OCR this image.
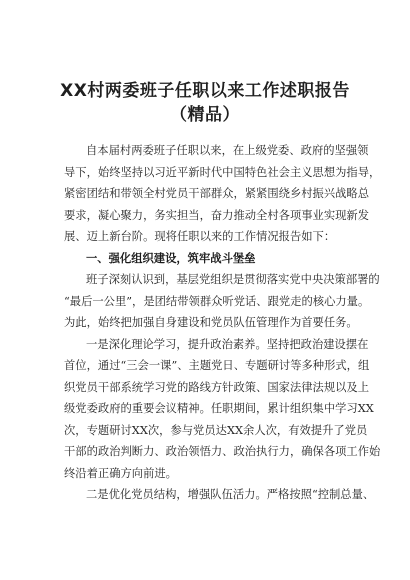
XX村两委班子任职以来工作述职报告
（精品）
自本届村两委班子任职以来，在上级党委、政府的坚强领
导下，始终坚持以习近平新时代中国特色社会主义思想为指导，
紧密团结和带领全村党员干部群众，紧紧围绕乡村振兴战略总
要求，凝心聚力，务实担当，奋力推动全村各项事业实现新发
展、迈上新台阶。现将任职以来的工作情况报告如下：
一、强化组织建设，筑牢战斗堡垒
班子深刻认识到，基层党组织是贯彻落实党中央决策部署的
“最后一公里”，是团结带领群众听党话、跟党走的核心力量。
为此，始终把加强自身建设和党员队伍管理作为首要任务。
一是深化理论学习，提升政治素养。坚持把政治建设摆在
首位，通过“三会一课”、主题党日、专题研讨等多种形式，组
织党员干部系统学习党的路线方针政策、国家法律法规以及上
级党委政府的重要会议精神。任职期间，累计组织集中学习XX
次，专题研讨XX次，参与党员达XX余人次，有效提升了党员
干部的政治判断力、政治领悟力、政治执行力，确保各项工作始
终沿着正确方向前进。
二是优化党员结构，增强队伍活力。严格按照“控制总量、
